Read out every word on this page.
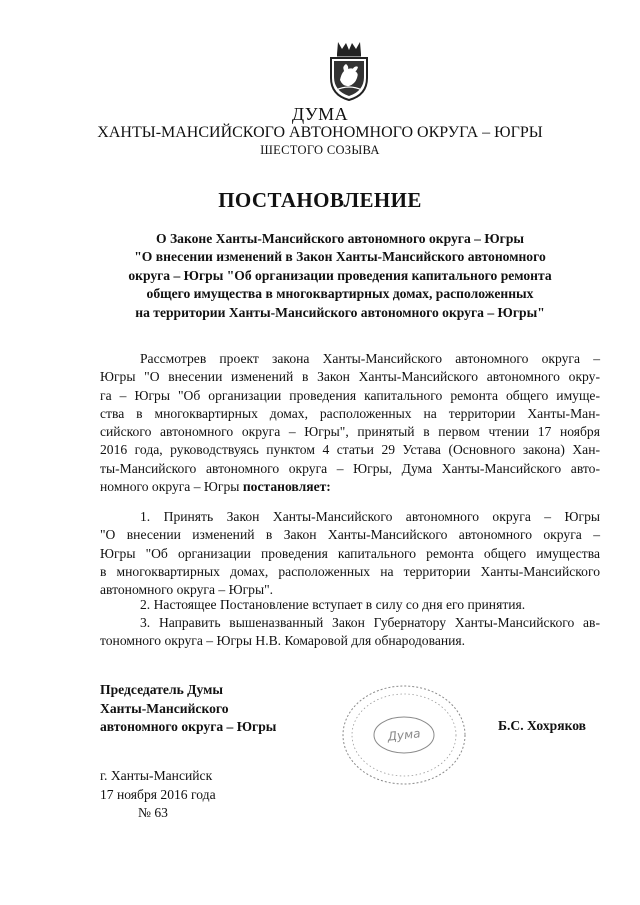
ДУМА
ХАНТЫ-МАНСИЙСКОГО АВТОНОМНОГО ОКРУГА – ЮГРЫ
ШЕСТОГО СОЗЫВА
ПОСТАНОВЛЕНИЕ
О Законе Ханты-Мансийского автономного округа – Югры
"О внесении изменений в Закон Ханты-Мансийского автономного
округа – Югры "Об организации проведения капитального ремонта
общего имущества в многоквартирных домах, расположенных
на территории Ханты-Мансийского автономного округа – Югры"
Рассмотрев проект закона Ханты-Мансийского автономного округа –
Югры "О внесении изменений в Закон Ханты-Мансийского автономного окру-
га – Югры "Об организации проведения капитального ремонта общего имуще-
ства в многоквартирных домах, расположенных на территории Ханты-Ман-
сийского автономного округа – Югры", принятый в первом чтении 17 ноября
2016 года, руководствуясь пунктом 4 статьи 29 Устава (Основного закона) Хан-
ты-Мансийского автономного округа – Югры, Дума Ханты-Мансийского авто-
номного округа – Югры постановляет:
1. Принять Закон Ханты-Мансийского автономного округа – Югры
"О внесении изменений в Закон Ханты-Мансийского автономного округа –
Югры "Об организации проведения капитального ремонта общего имущества
в многоквартирных домах, расположенных на территории Ханты-Мансийского
автономного округа – Югры".
2. Настоящее Постановление вступает в силу со дня его принятия.
3. Направить вышеназванный Закон Губернатору Ханты-Мансийского ав-
тономного округа – Югры Н.В. Комаровой для обнародования.
Председатель Думы
Ханты-Мансийского
автономного округа – Югры	Дума
Б.С. Хохряков
г. Ханты-Мансийск
17 ноября 2016 года
№ 63
